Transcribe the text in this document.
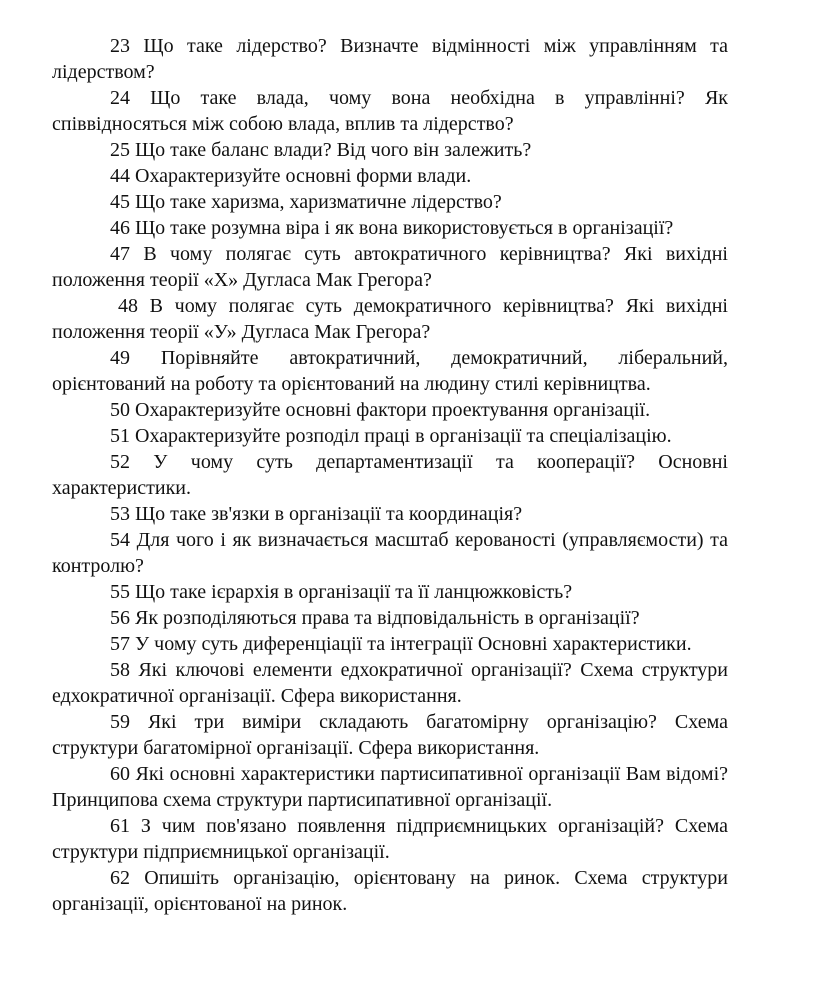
23 Що таке лідерство? Визначте відмінності між управлінням та лідерством?

24 Що таке влада, чому вона необхідна в управлінні? Як співвідносяться між собою влада, вплив та лідерство?

25 Що таке баланс влади? Від чого він залежить?

44 Охарактеризуйте основні форми влади.

45 Що таке харизма, харизматичне лідерство?

46 Що таке розумна віра і як вона використовується в організації?

47 В чому полягає суть автократичного керівництва? Які вихідні положення теорії «Х» Дугласа Мак Грегора?

48 В чому полягає суть демократичного керівництва? Які вихідні положення теорії «У» Дугласа Мак Грегора?

49 Порівняйте автократичний, демократичний, ліберальний, орієнтований на роботу та орієнтований на людину стилі керівництва.

50 Охарактеризуйте основні фактори проектування організації.

51 Охарактеризуйте розподіл праці в організації та спеціалізацію.

52 У чому суть департаментизації та кооперації? Основні характеристики.

53 Що таке зв'язки в організації та координація?

54 Для чого і як визначається масштаб керованості (управляємости) та контролю?

55 Що таке ієрархія в організації та її ланцюжковість?

56 Як розподіляються права та відповідальність в організації?

57 У чому суть диференціації та інтеграції Основні характеристики.

58 Які ключові елементи едхократичної організації? Схема структури едхократичної організації. Сфера використання.

59 Які три виміри складають багатомірну організацію? Схема структури багатомірної організації. Сфера використання.

60 Які основні характеристики партисипативної організації Вам відомі? Принципова схема структури партисипативної організації.

61 З чим пов'язано появлення підприємницьких організацій? Схема структури підприємницької організації.

62 Опишіть організацію, орієнтовану на ринок. Схема структури організації, орієнтованої на ринок.
